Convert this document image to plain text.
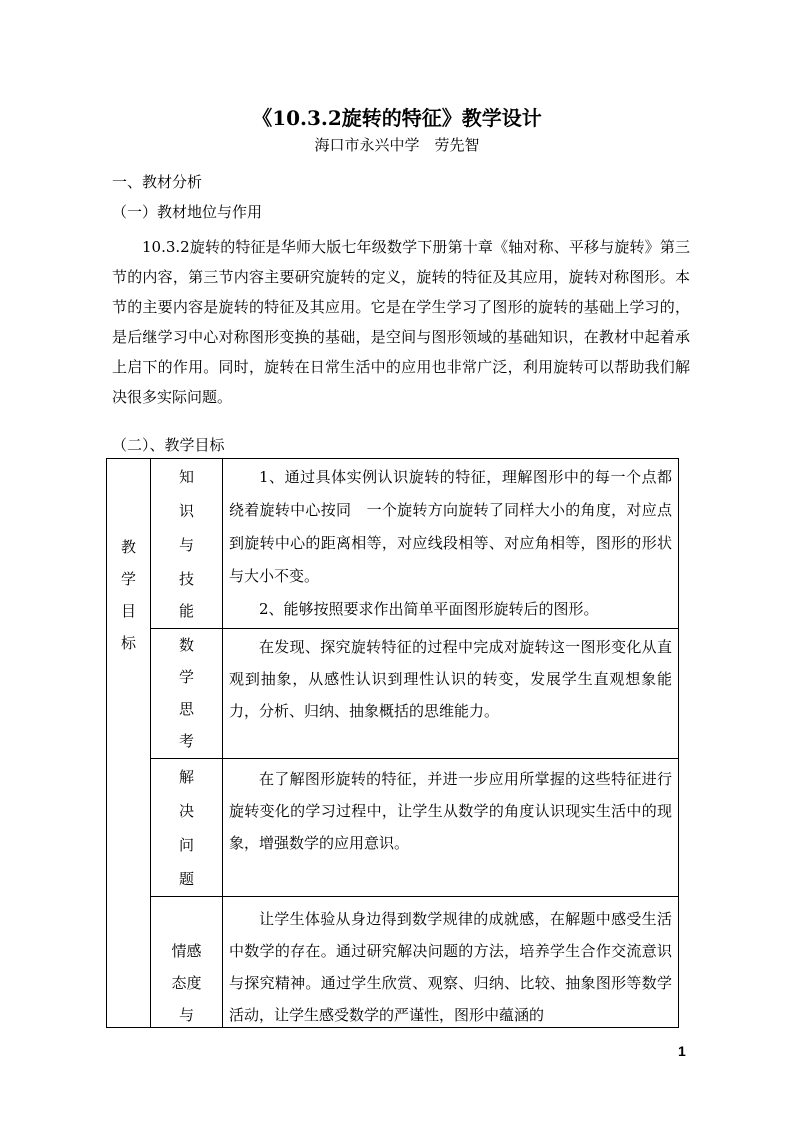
《10.3.2旋转的特征》教学设计
海口市永兴中学　劳先智
一、教材分析
（一）教材地位与作用

10.3.2旋转的特征是华师大版七年级数学下册第十章《轴对称、平移与旋转》第三节的内容，第三节内容主要研究旋转的定义，旋转的特征及其应用，旋转对称图形。本节的主要内容是旋转的特征及其应用。它是在学生学习了图形的旋转的基础上学习的，是后继学习中心对称图形变换的基础，是空间与图形领域的基础知识，在教材中起着承上启下的作用。同时，旋转在日常生活中的应用也非常广泛，利用旋转可以帮助我们解决很多实际问题。

（二）、教学目标
教
学
目
标
知
识
与
技
能

1、通过具体实例认识旋转的特征，理解图形中的每一个点都绕着旋转中心按同　一个旋转方向旋转了同样大小的角度，对应点到旋转中心的距离相等，对应线段相等、对应角相等，图形的形状与大小不变。

2、能够按照要求作出简单平面图形旋转后的图形。

数
学
思
考

在发现、探究旋转特征的过程中完成对旋转这一图形变化从直观到抽象，从感性认识到理性认识的转变，发展学生直观想象能力，分析、归纳、抽象概括的思维能力。

解
决
问
题

在了解图形旋转的特征，并进一步应用所掌握的这些特征进行旋转变化的学习过程中，让学生从数学的角度认识现实生活中的现象，增强数学的应用意识。

情感
态度
与

让学生体验从身边得到数学规律的成就感，在解题中感受生活中数学的存在。通过研究解决问题的方法，培养学生合作交流意识与探究精神。通过学生欣赏、观察、归纳、比较、抽象图形等数学活动，让学生感受数学的严谨性，图形中蕴涵的

1
